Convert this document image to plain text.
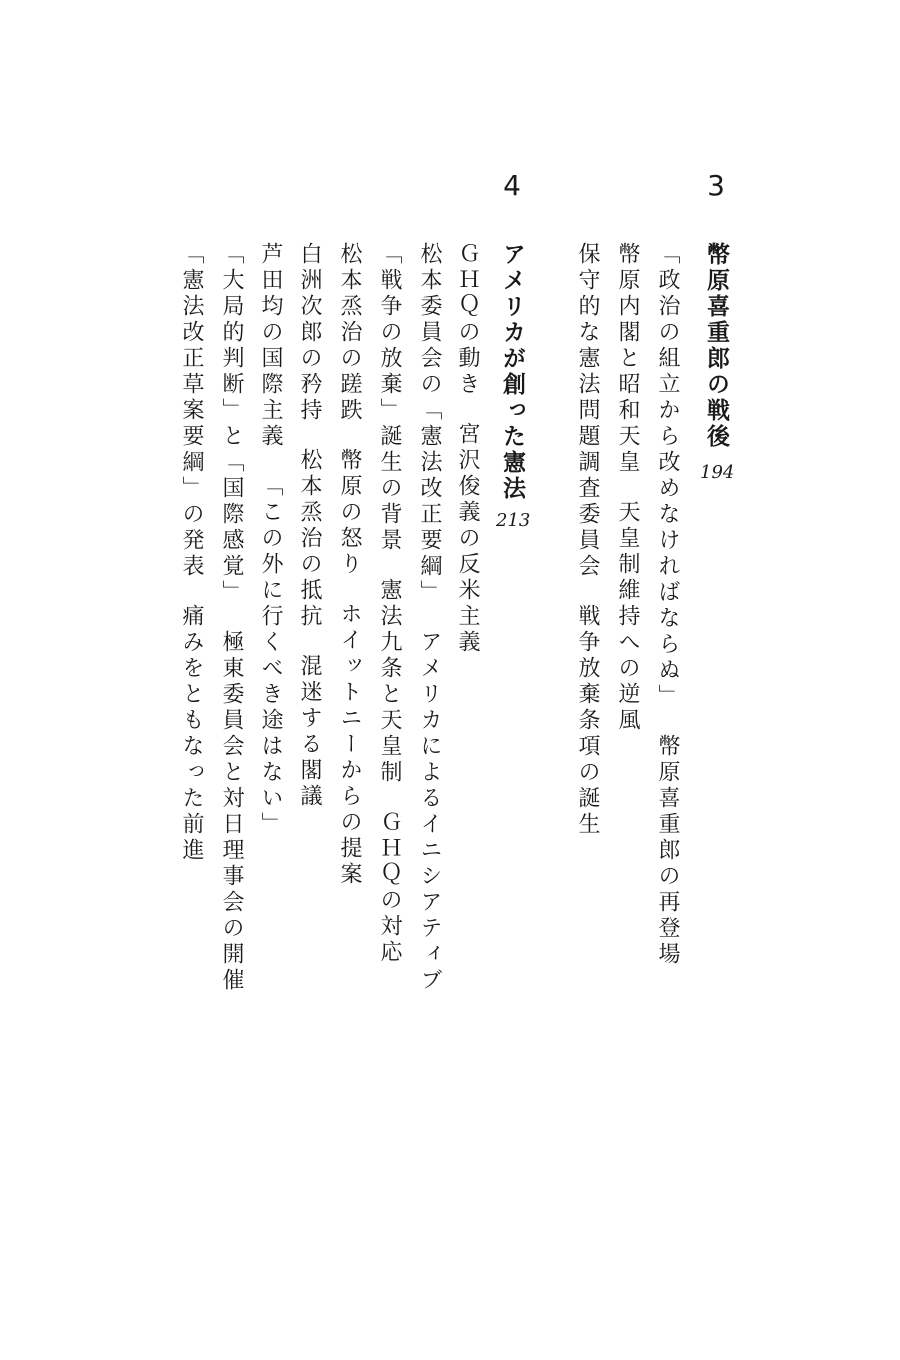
3
幣原喜重郎の戦後
194
「政治の組立から改めなければならぬ」幣原喜重郎の再登場
幣原内閣と昭和天皇天皇制維持への逆風
保守的な憲法問題調査委員会戦争放棄条項の誕生
4
アメリカが創った憲法
213
ＧＨＱの動き宮沢俊義の反米主義
松本委員会の「憲法改正要綱」アメリカによるイニシアティブ
「戦争の放棄」誕生の背景憲法九条と天皇制ＧＨＱの対応
松本烝治の蹉跌幣原の怒りホイットニーからの提案
白洲次郎の矜持松本烝治の抵抗混迷する閣議
芦田均の国際主義「この外に行くべき途はない」
「大局的判断」と「国際感覚」極東委員会と対日理事会の開催
「憲法改正草案要綱」の発表痛みをともなった前進
